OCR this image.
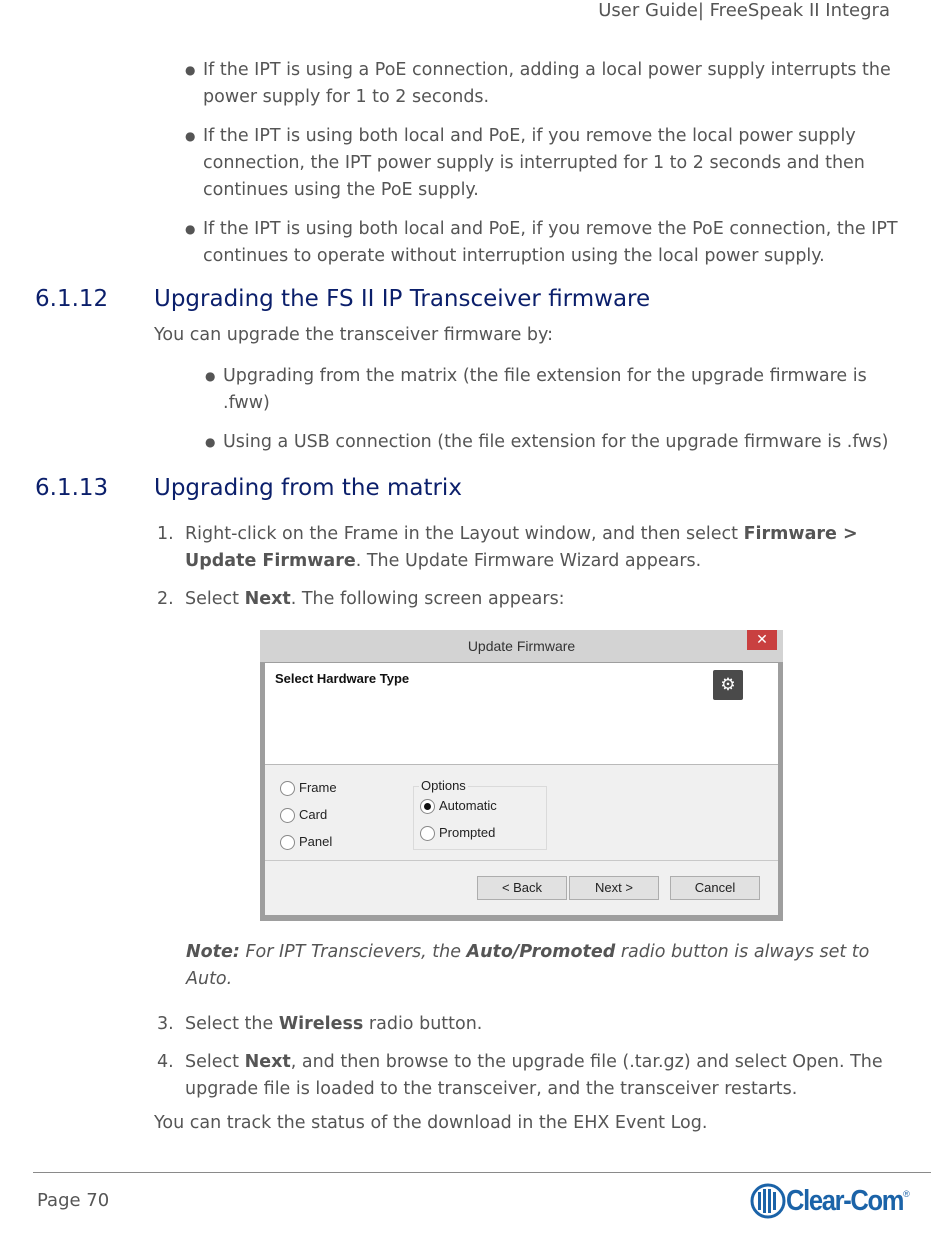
User Guide| FreeSpeak II Integra
● If the IPT is using a PoE connection, adding a local power supply interrupts the power supply for 1 to 2 seconds.
● If the IPT is using both local and PoE, if you remove the local power supply connection, the IPT power supply is interrupted for 1 to 2 seconds and then continues using the PoE supply.
● If the IPT is using both local and PoE, if you remove the PoE connection, the IPT continues to operate without interruption using the local power supply.
6.1.12 Upgrading the FS II IP Transceiver firmware
You can upgrade the transceiver firmware by:
● Upgrading from the matrix (the file extension for the upgrade firmware is .fww)
● Using a USB connection (the file extension for the upgrade firmware is .fws)
6.1.13 Upgrading from the matrix
1. Right-click on the Frame in the Layout window, and then select Firmware > Update Firmware. The Update Firmware Wizard appears.
2. Select Next. The following screen appears:
Update Firmware	✕
Select Hardware Type	⚙
Frame
Card
Panel
Options
Automatic
Prompted
< Back	Next >	Cancel
Note: For IPT Transcievers, the Auto/Promoted radio button is always set to Auto.
3. Select the Wireless radio button.
4. Select Next, and then browse to the upgrade file (.tar.gz) and select Open. The upgrade file is loaded to the transceiver, and the transceiver restarts.
You can track the status of the download in the EHX Event Log.
Page 70	Clear-Com ®
